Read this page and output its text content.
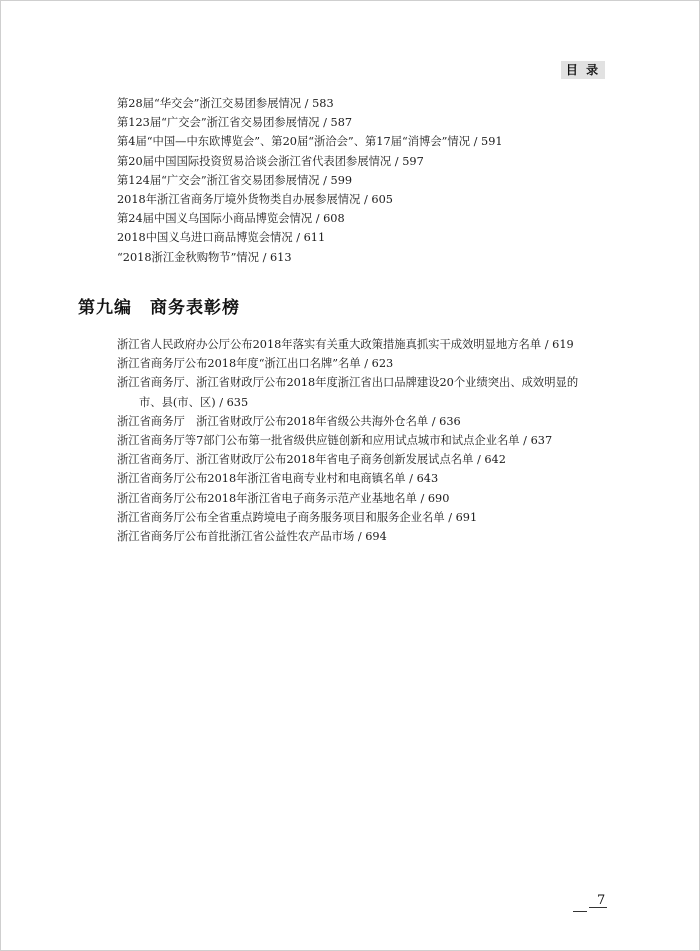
目 录
第28届“华交会”浙江交易团参展情况 / 583
第123届“广交会”浙江省交易团参展情况 / 587
第4届“中国—中东欧博览会”、第20届“浙洽会”、第17届“消博会”情况 / 591
第20届中国国际投资贸易洽谈会浙江省代表团参展情况 / 597
第124届“广交会”浙江省交易团参展情况 / 599
2018年浙江省商务厅境外货物类自办展参展情况 / 605
第24届中国义乌国际小商品博览会情况 / 608
2018中国义乌进口商品博览会情况 / 611
“2018浙江金秋购物节”情况 / 613
第九编 商务表彰榜
浙江省人民政府办公厅公布2018年落实有关重大政策措施真抓实干成效明显地方名单 / 619
浙江省商务厅公布2018年度“浙江出口名牌”名单 / 623
浙江省商务厅、浙江省财政厅公布2018年度浙江省出口品牌建设20个业绩突出、成效明显的
市、县(市、区) / 635
浙江省商务厅　浙江省财政厅公布2018年省级公共海外仓名单 / 636
浙江省商务厅等7部门公布第一批省级供应链创新和应用试点城市和试点企业名单 / 637
浙江省商务厅、浙江省财政厅公布2018年省电子商务创新发展试点名单 / 642
浙江省商务厅公布2018年浙江省电商专业村和电商镇名单 / 643
浙江省商务厅公布2018年浙江省电子商务示范产业基地名单 / 690
浙江省商务厅公布全省重点跨境电子商务服务项目和服务企业名单 / 691
浙江省商务厅公布首批浙江省公益性农产品市场 / 694
7
